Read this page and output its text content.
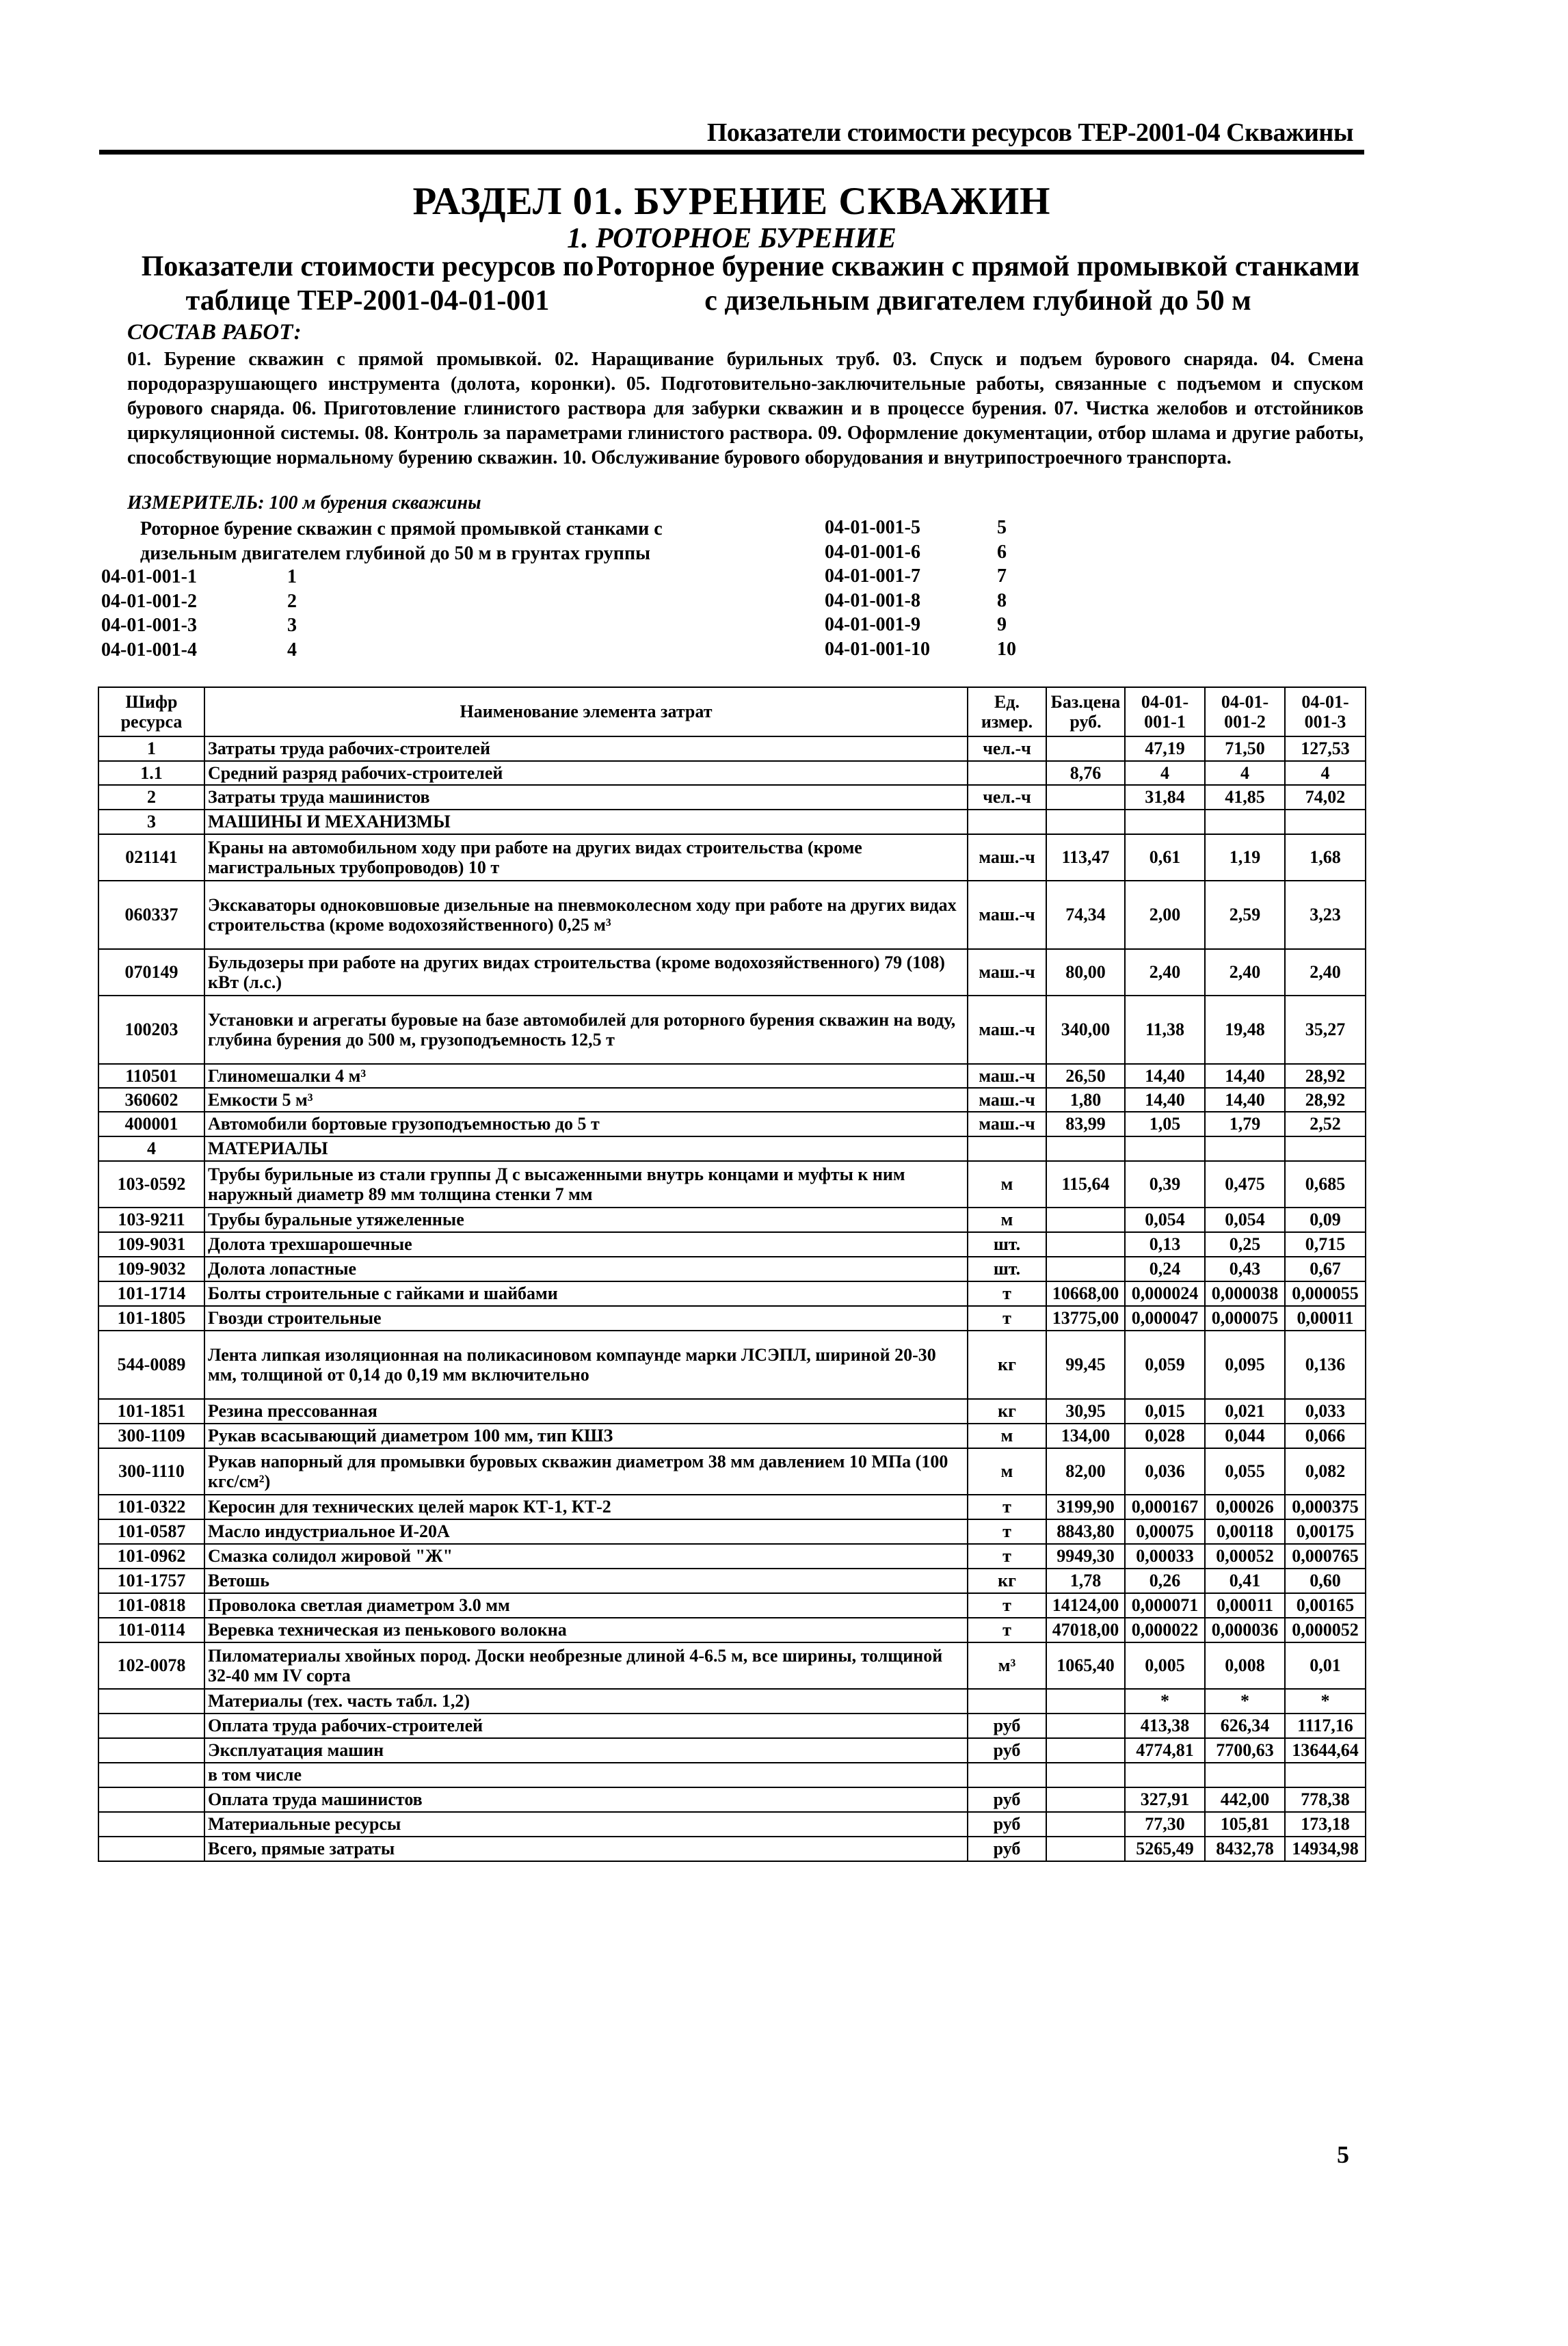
Показатели стоимости ресурсов ТЕР-2001-04 Скважины
РАЗДЕЛ 01. БУРЕНИЕ СКВАЖИН
1. РОТОРНОЕ БУРЕНИЕ
Показатели стоимости ресурсов по таблице ТЕР-2001-04-01-001
Роторное бурение скважин с прямой промывкой станками с дизельным двигателем глубиной до 50 м
СОСТАВ РАБОТ:
01. Бурение скважин с прямой промывкой. 02. Наращивание бурильных труб. 03. Спуск и подъем бурового снаряда. 04. Смена породоразрушающего инструмента (долота, коронки). 05. Подготовительно-заключительные работы, связанные с подъемом и спуском бурового снаряда. 06. Приготовление глинистого раствора для забурки скважин и в процессе бурения. 07. Чистка желобов и отстойников циркуляционной системы. 08. Контроль за параметрами глинистого раствора. 09. Оформление документации, отбор шлама и другие работы, способствующие нормальному бурению скважин. 10. Обслуживание бурового оборудования и внутрипостроечного транспорта.
ИЗМЕРИТЕЛЬ: 100 м бурения скважины
Роторное бурение скважин с прямой промывкой станками с дизельным двигателем глубиной до 50 м в грунтах группы
04-01-001-1	1
04-01-001-2	2
04-01-001-3	3
04-01-001-4	4
04-01-001-5	5
04-01-001-6	6
04-01-001-7	7
04-01-001-8	8
04-01-001-9	9
04-01-001-10	10
Шифр ресурса	Наименование элемента затрат	Ед. измер.	Баз.цена руб.	04-01-001-1	04-01-001-2	04-01-001-3
1	Затраты труда рабочих-строителей	чел.-ч		47,19	71,50	127,53
1.1	Средний разряд рабочих-строителей		8,76	4	4	4
2	Затраты труда машинистов	чел.-ч		31,84	41,85	74,02
3	МАШИНЫ И МЕХАНИЗМЫ					
021141	Краны на автомобильном ходу при работе на других видах строительства (кроме магистральных трубопроводов) 10 т	маш.-ч	113,47	0,61	1,19	1,68
060337	Экскаваторы одноковшовые дизельные на пневмоколесном ходу при работе на других видах строительства (кроме водохозяйственного) 0,25 м³	маш.-ч	74,34	2,00	2,59	3,23
070149	Бульдозеры при работе на других видах строительства (кроме водохозяйственного) 79 (108) кВт (л.с.)	маш.-ч	80,00	2,40	2,40	2,40
100203	Установки и агрегаты буровые на базе автомобилей для роторного бурения скважин на воду, глубина бурения до 500 м, грузоподъемность 12,5 т	маш.-ч	340,00	11,38	19,48	35,27
110501	Глиномешалки 4 м³	маш.-ч	26,50	14,40	14,40	28,92
360602	Емкости 5 м³	маш.-ч	1,80	14,40	14,40	28,92
400001	Автомобили бортовые грузоподъемностью до 5 т	маш.-ч	83,99	1,05	1,79	2,52
4	МАТЕРИАЛЫ					
103-0592	Трубы бурильные из стали группы Д с высаженными внутрь концами и муфты к ним наружный диаметр 89 мм толщина стенки 7 мм	м	115,64	0,39	0,475	0,685
103-9211	Трубы буральные утяжеленные	м		0,054	0,054	0,09
109-9031	Долота трехшарошечные	шт.		0,13	0,25	0,715
109-9032	Долота лопастные	шт.		0,24	0,43	0,67
101-1714	Болты строительные с гайками и шайбами	т	10668,00	0,000024	0,000038	0,000055
101-1805	Гвозди строительные	т	13775,00	0,000047	0,000075	0,00011
544-0089	Лента липкая изоляционная на поликасиновом компаунде марки ЛСЭПЛ, шириной 20-30 мм, толщиной от 0,14 до 0,19 мм включительно	кг	99,45	0,059	0,095	0,136
101-1851	Резина прессованная	кг	30,95	0,015	0,021	0,033
300-1109	Рукав всасывающий диаметром 100 мм, тип КШЗ	м	134,00	0,028	0,044	0,066
300-1110	Рукав напорный для промывки буровых скважин диаметром 38 мм давлением 10 МПа (100 кгс/см²)	м	82,00	0,036	0,055	0,082
101-0322	Керосин для технических целей марок КТ-1, КТ-2	т	3199,90	0,000167	0,00026	0,000375
101-0587	Масло индустриальное И-20А	т	8843,80	0,00075	0,00118	0,00175
101-0962	Смазка солидол жировой "Ж"	т	9949,30	0,00033	0,00052	0,000765
101-1757	Ветошь	кг	1,78	0,26	0,41	0,60
101-0818	Проволока светлая диаметром 3.0 мм	т	14124,00	0,000071	0,00011	0,00165
101-0114	Веревка техническая из пенькового волокна	т	47018,00	0,000022	0,000036	0,000052
102-0078	Пиломатериалы хвойных пород. Доски необрезные длиной 4-6.5 м, все ширины, толщиной 32-40 мм IV сорта	м³	1065,40	0,005	0,008	0,01
	Материалы (тех. часть табл. 1,2)			*	*	*
	Оплата труда рабочих-строителей	руб		413,38	626,34	1117,16
	Эксплуатация машин	руб		4774,81	7700,63	13644,64
	в том числе					
	Оплата труда машинистов	руб		327,91	442,00	778,38
	Материальные ресурсы	руб		77,30	105,81	173,18
	Всего, прямые затраты	руб		5265,49	8432,78	14934,98
5
